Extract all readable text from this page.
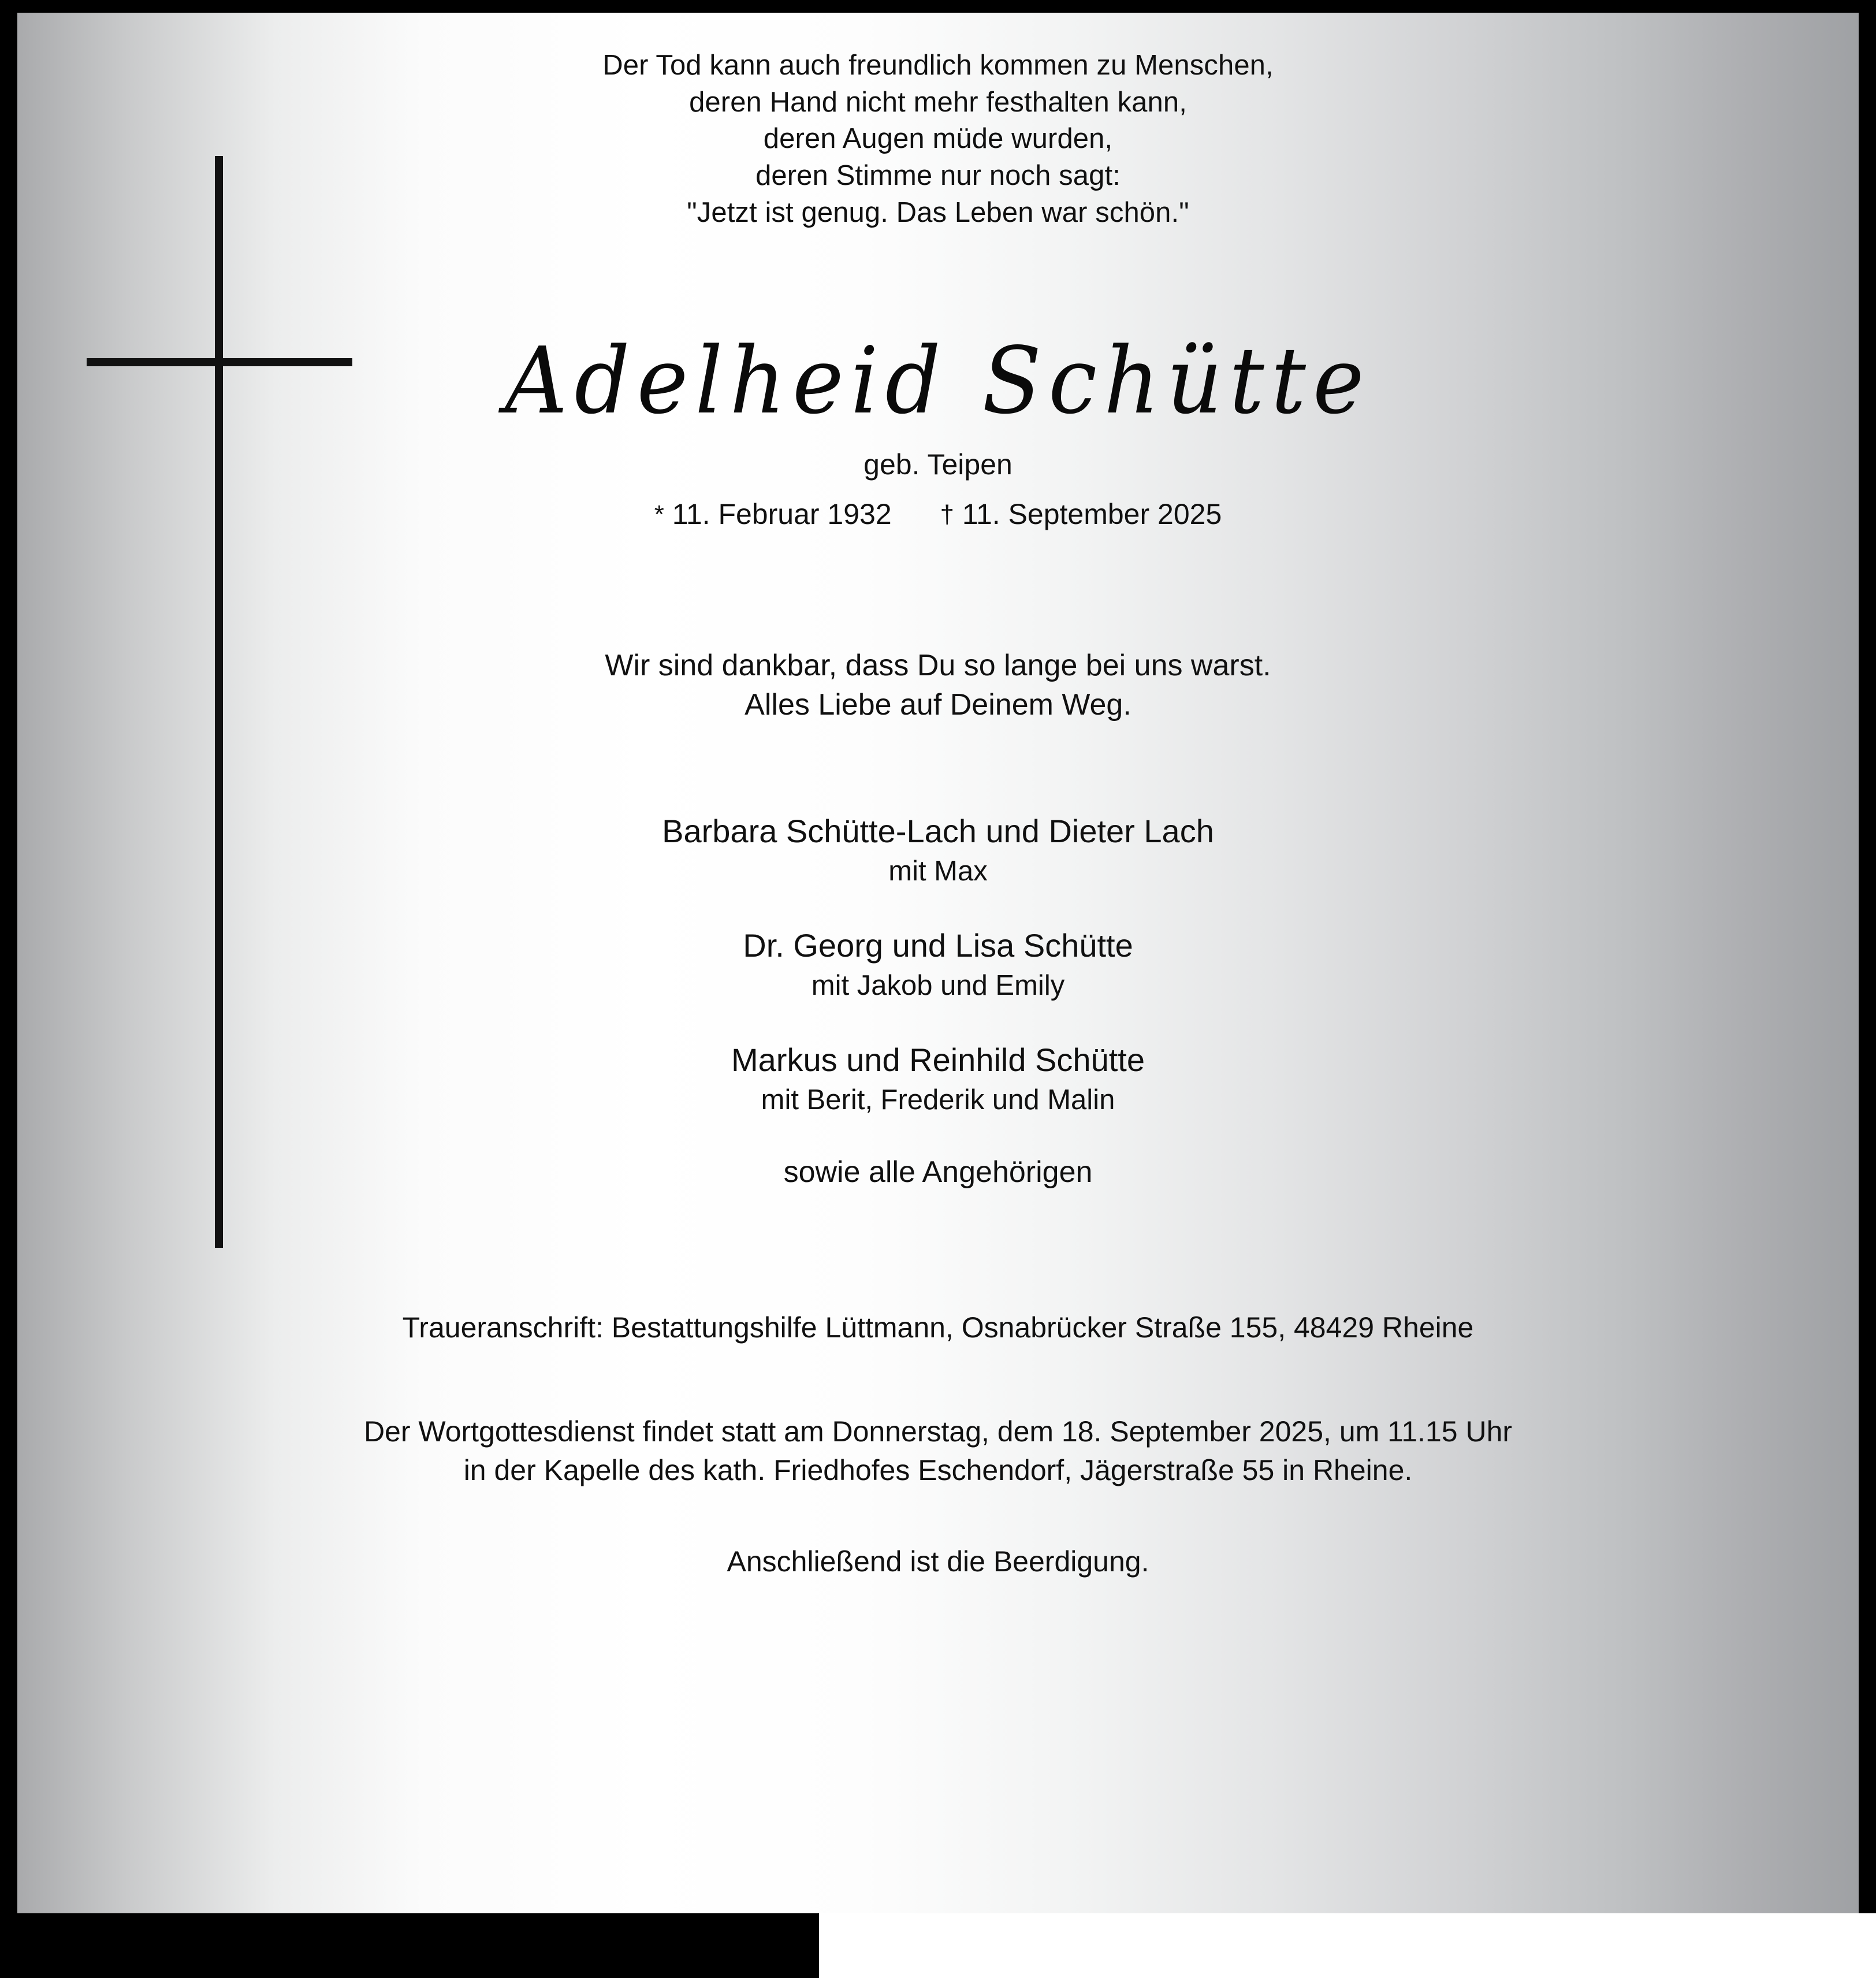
Der Tod kann auch freundlich kommen zu Menschen,
deren Hand nicht mehr festhalten kann,
deren Augen müde wurden,
deren Stimme nur noch sagt:
"Jetzt ist genug. Das Leben war schön."
Adelheid Schütte
geb. Teipen
* 11. Februar 1932 † 11. September 2025
Wir sind dankbar, dass Du so lange bei uns warst.
Alles Liebe auf Deinem Weg.
Barbara Schütte-Lach und Dieter Lach
mit Max
Dr. Georg und Lisa Schütte
mit Jakob und Emily
Markus und Reinhild Schütte
mit Berit, Frederik und Malin
sowie alle Angehörigen
Traueranschrift: Bestattungshilfe Lüttmann, Osnabrücker Straße 155, 48429 Rheine
Der Wortgottesdienst findet statt am Donnerstag, dem 18. September 2025, um 11.15 Uhr
in der Kapelle des kath. Friedhofes Eschendorf, Jägerstraße 55 in Rheine.
Anschließend ist die Beerdigung.
